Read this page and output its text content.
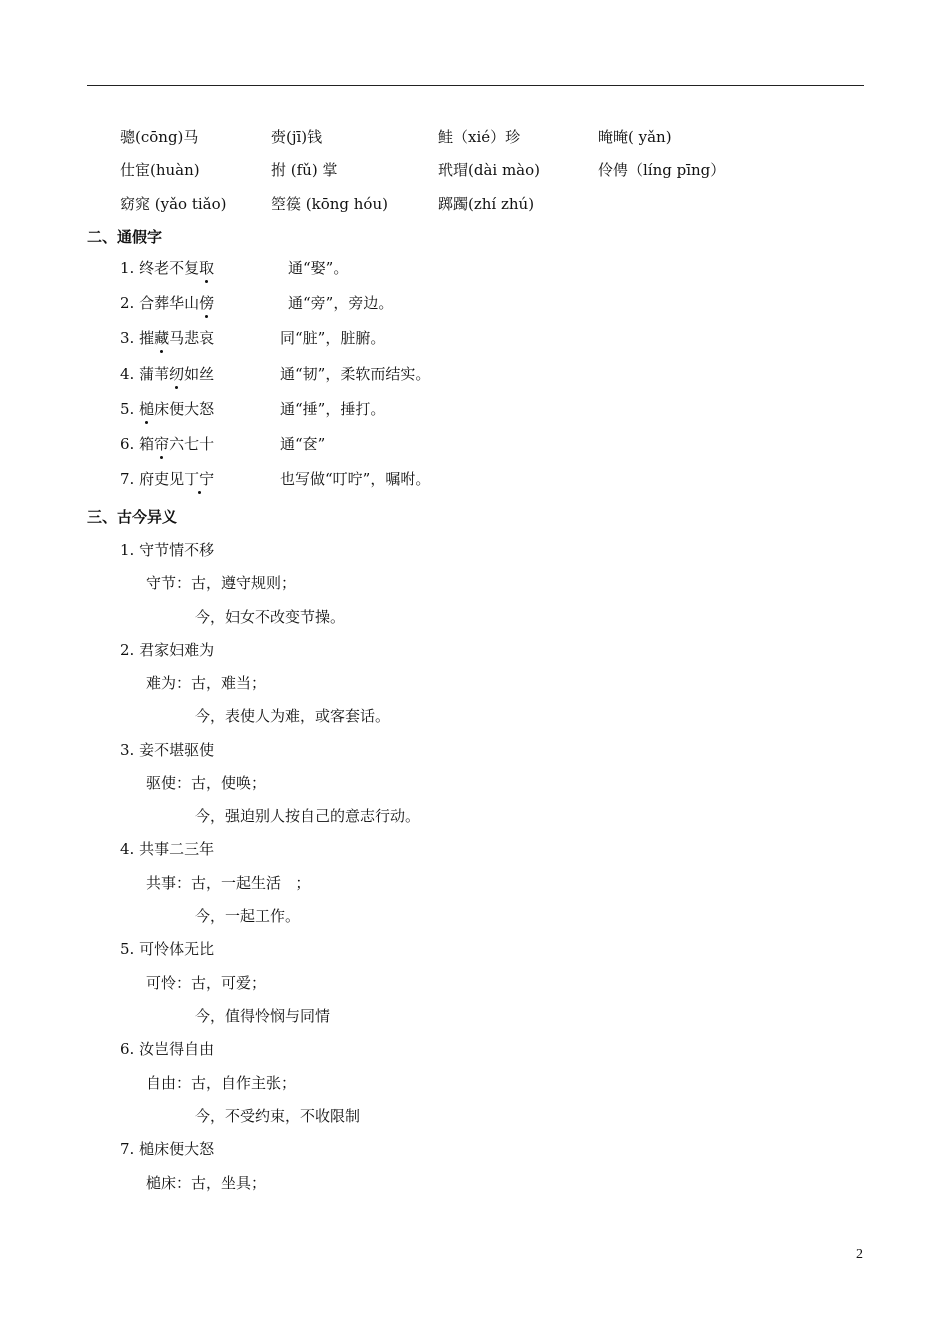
骢(cōng)马	赍(jī)钱	鲑（xié）珍	晻晻( yǎn)
仕宦(huàn)	拊 (fǔ) 掌	玳瑁(dài mào)	伶俜（líng pīng）
窈窕 (yǎo tiǎo)	箜篌 (kōng hóu)	踯躅(zhí zhú)
二、通假字
1. 终老不复取	通“娶”。
2. 合葬华山傍	通“旁”，旁边。
3. 摧藏马悲哀	同“脏”，脏腑。
4. 蒲苇纫如丝	通“韧”，柔软而结实。
5. 槌床便大怒	通“捶”，捶打。
6. 箱帘六七十	通“奁”
7. 府吏见丁宁	也写做“叮咛”，嘱咐。
三、古今异义
1. 守节情不移
守节：古，遵守规则；
今，妇女不改变节操。
2. 君家妇难为
难为：古，难当；
今，表使人为难，或客套话。
3. 妾不堪驱使
驱使：古，使唤；
今，强迫别人按自己的意志行动。
4. 共事二三年
共事：古，一起生活   ；
今，一起工作。
5. 可怜体无比
可怜：古，可爱；
今，值得怜悯与同情
6. 汝岂得自由
自由：古，自作主张；
今，不受约束，不收限制
7. 槌床便大怒
槌床：古，坐具；
2
